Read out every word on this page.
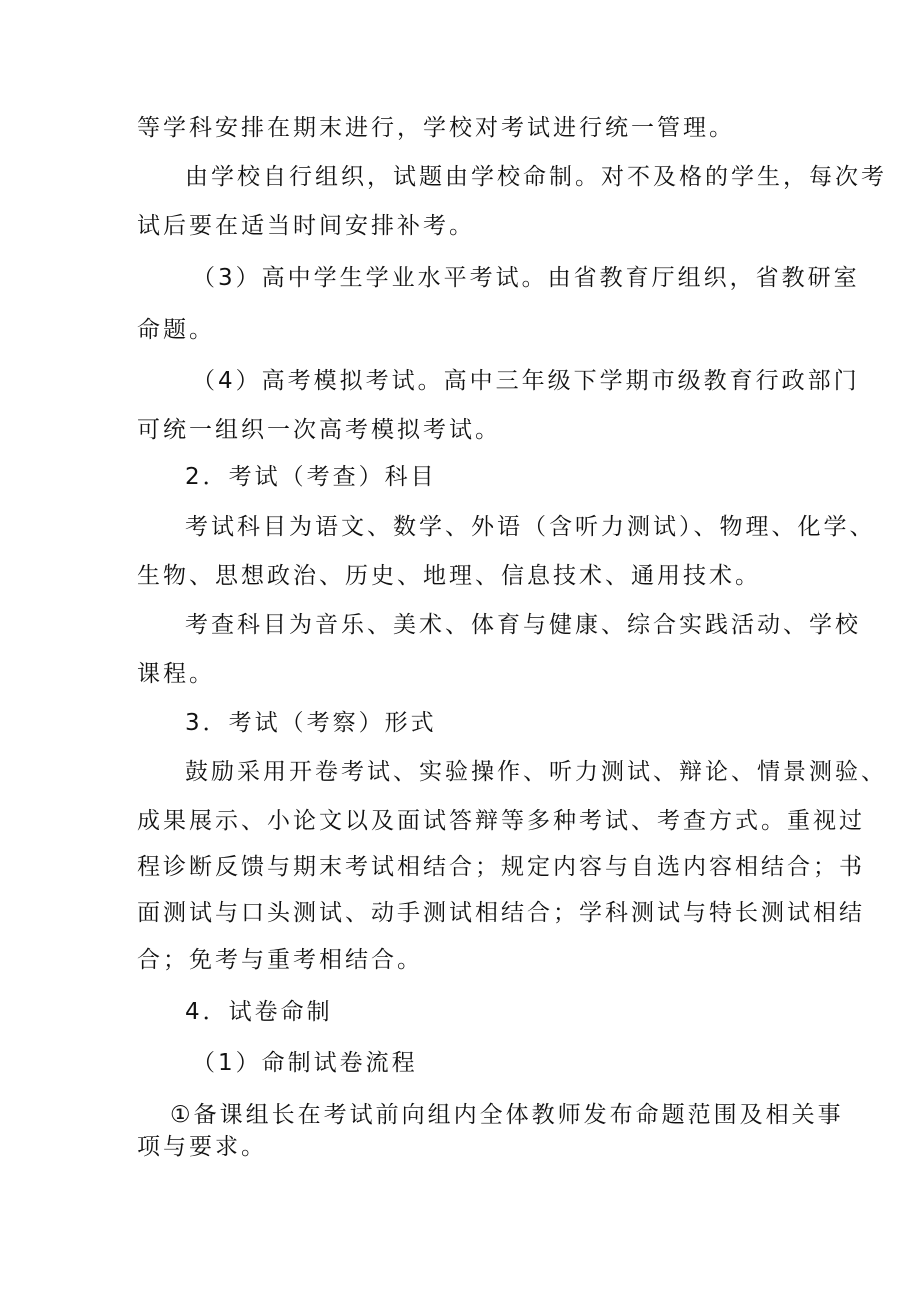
等学科安排在期末进行，学校对考试进行统一管理。
由学校自行组织，试题由学校命制。对不及格的学生，每次考
试后要在适当时间安排补考。
（3）高中学生学业水平考试。由省教育厅组织，省教研室
命题。
（4）高考模拟考试。高中三年级下学期市级教育行政部门
可统一组织一次高考模拟考试。
2．考试（考查）科目
考试科目为语文、数学、外语（含听力测试）、物理、化学、
生物、思想政治、历史、地理、信息技术、通用技术。
考查科目为音乐、美术、体育与健康、综合实践活动、学校
课程。
3．考试（考察）形式
鼓励采用开卷考试、实验操作、听力测试、辩论、情景测验、
成果展示、小论文以及面试答辩等多种考试、考查方式。重视过
程诊断反馈与期末考试相结合；规定内容与自选内容相结合；书
面测试与口头测试、动手测试相结合；学科测试与特长测试相结
合；免考与重考相结合。
4．试卷命制
（1）命制试卷流程
①备课组长在考试前向组内全体教师发布命题范围及相关事
项与要求。
